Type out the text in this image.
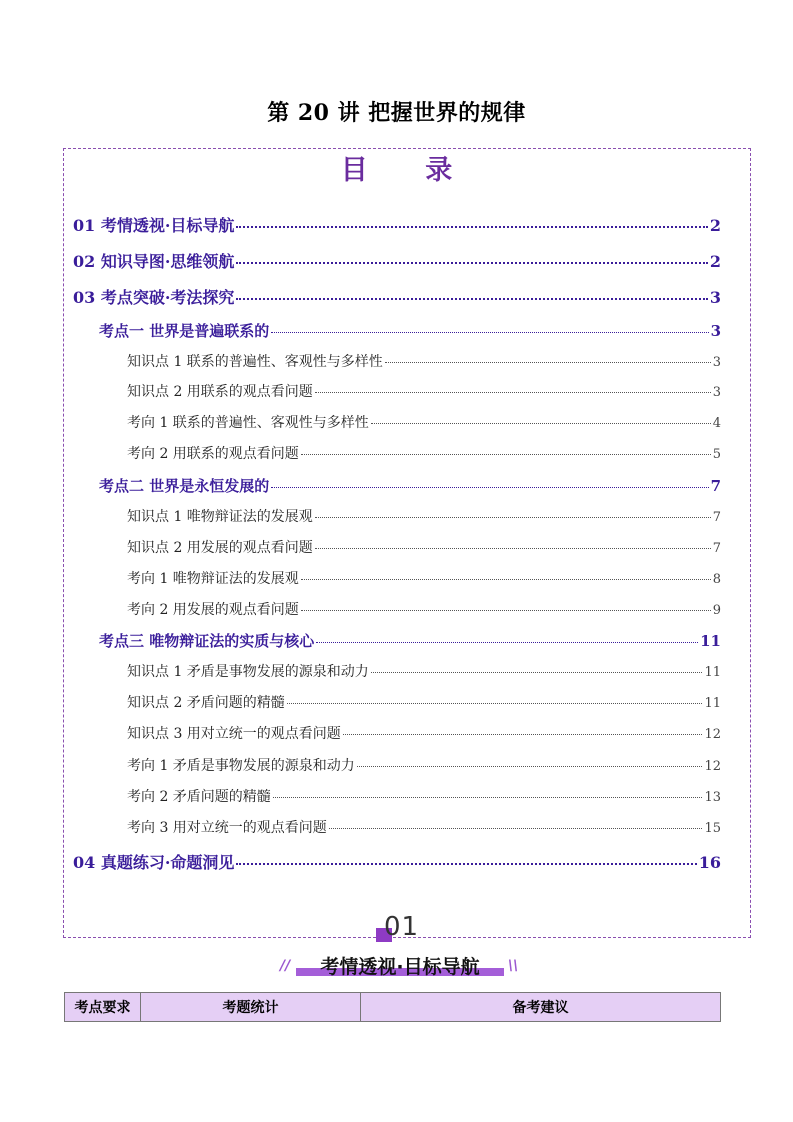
第 20 讲 把握世界的规律
目 录
01 考情透视·目标导航	2
02 知识导图·思维领航	2
03 考点突破·考法探究	3
考点一 世界是普遍联系的	3
知识点 1 联系的普遍性、客观性与多样性	3
知识点 2 用联系的观点看问题	3
考向 1 联系的普遍性、客观性与多样性	4
考向 2 用联系的观点看问题	5
考点二 世界是永恒发展的	7
知识点 1 唯物辩证法的发展观	7
知识点 2 用发展的观点看问题	7
考向 1 唯物辩证法的发展观	8
考向 2 用发展的观点看问题	9
考点三 唯物辩证法的实质与核心	11
知识点 1 矛盾是事物发展的源泉和动力	11
知识点 2 矛盾问题的精髓	11
知识点 3 用对立统一的观点看问题	12
考向 1 矛盾是事物发展的源泉和动力	12
考向 2 矛盾问题的精髓	13
考向 3 用对立统一的观点看问题	15
04 真题练习·命题洞见	16
01
//	考情透视·目标导航	\\
考点要求	考题统计	备考建议
